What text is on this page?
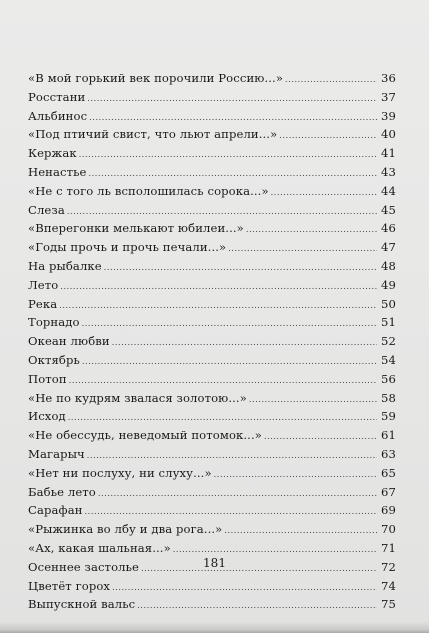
«В мой горький век порочили Россию...» .....	36
Росстани .....	37
Альбинос .....	39
«Под птичий свист, что льют апрели...» .....	40
Кержак .....	41
Ненастье .....	43
«Не с того ль всполошилась сорока...» .....	44
Слеза .....	45
«Вперегонки мелькают юбилеи...» .....	46
«Годы прочь и прочь печали...» .....	47
На рыбалке .....	48
Лето .....	49
Река .....	50
Торнадо .....	51
Океан любви .....	52
Октябрь .....	54
Потоп .....	56
«Не по кудрям звалася золотою...» .....	58
Исход .....	59
«Не обессудь, неведомый потомок...» .....	61
Магарыч .....	63
«Нет ни послуху, ни слуху...» .....	65
Бабье лето .....	67
Сарафан .....	69
«Рыжинка во лбу и два рога...» .....	70
«Ах, какая шальная...» .....	71
Осеннее застолье .....	72
Цветёт горох .....	74
Выпускной вальс .....	75
181
